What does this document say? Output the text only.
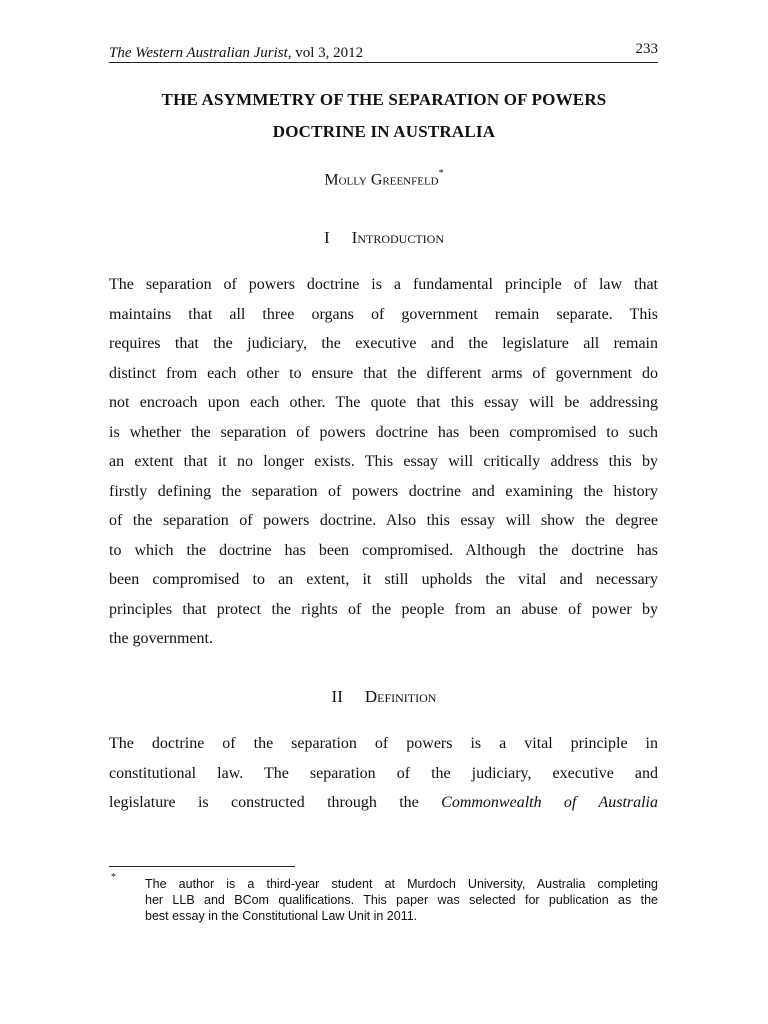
The Western Australian Jurist, vol 3, 2012	233
THE ASYMMETRY OF THE SEPARATION OF POWERS
DOCTRINE IN AUSTRALIA
Molly Greenfeld*
I Introduction
The separation of powers doctrine is a fundamental principle of law that
maintains that all three organs of government remain separate. This
requires that the judiciary, the executive and the legislature all remain
distinct from each other to ensure that the different arms of government do
not encroach upon each other. The quote that this essay will be addressing
is whether the separation of powers doctrine has been compromised to such
an extent that it no longer exists. This essay will critically address this by
firstly defining the separation of powers doctrine and examining the history
of the separation of powers doctrine. Also this essay will show the degree
to which the doctrine has been compromised. Although the doctrine has
been compromised to an extent, it still upholds the vital and necessary
principles that protect the rights of the people from an abuse of power by
the government.
II Definition
The doctrine of the separation of powers is a vital principle in
constitutional law. The separation of the judiciary, executive and
legislature is constructed through the Commonwealth of Australia
* The author is a third-year student at Murdoch University, Australia completing
her LLB and BCom qualifications. This paper was selected for publication as the
best essay in the Constitutional Law Unit in 2011.
